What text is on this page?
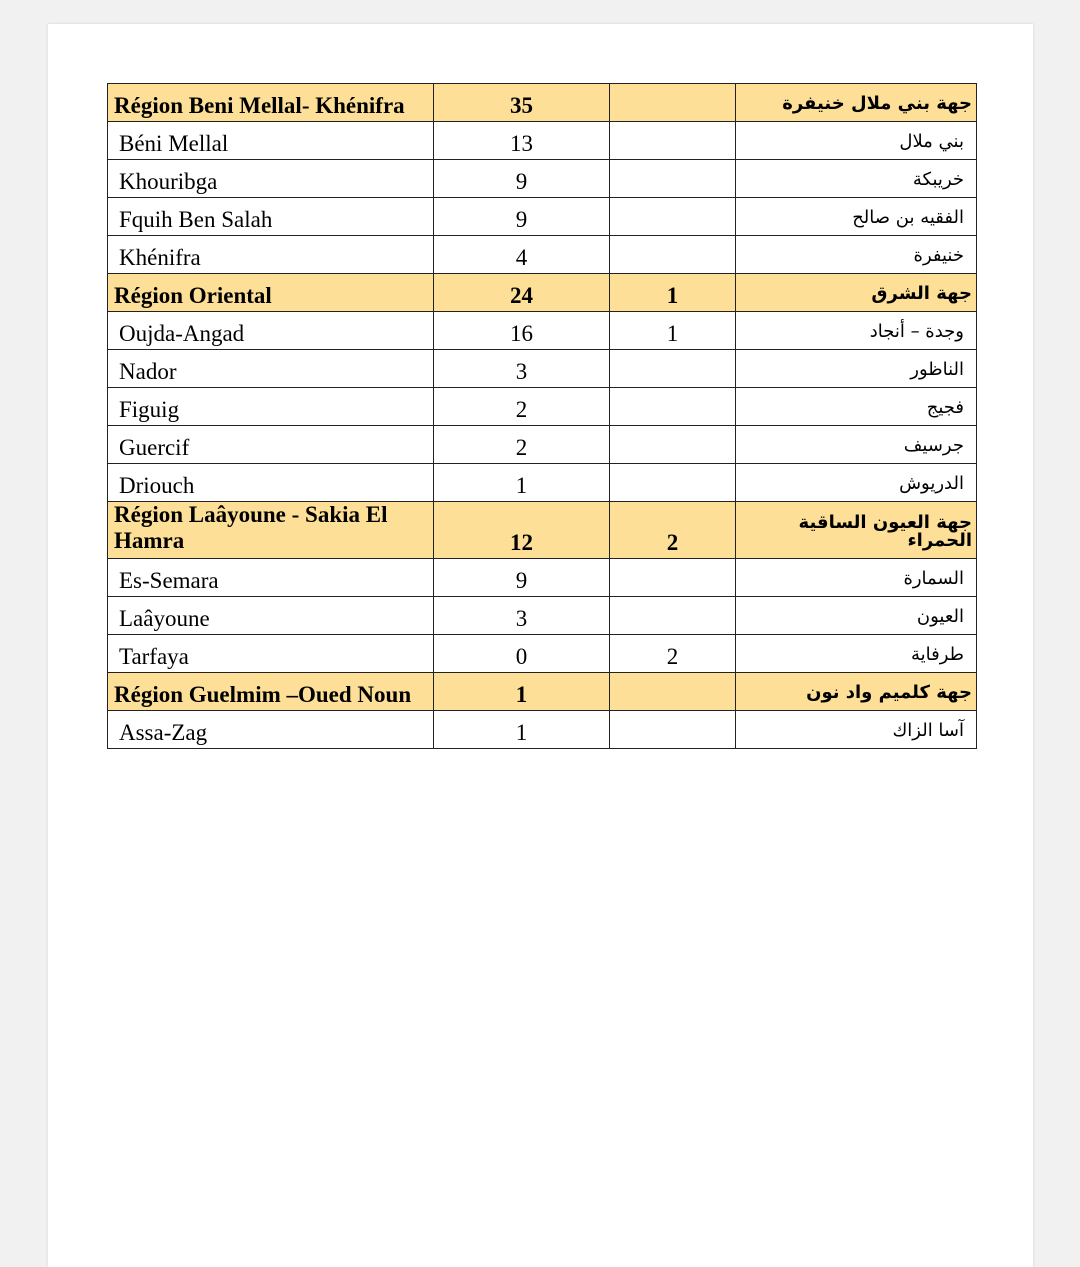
Région Beni Mellal- Khénifra	35		جهة بني ملال خنيفرة
Béni Mellal	13		بني ملال
Khouribga	9		خريبكة
Fquih Ben Salah	9		الفقيه بن صالح
Khénifra	4		خنيفرة
Région Oriental	24	1	جهة الشرق
Oujda-Angad	16	1	وجدة – أنجاد
Nador	3		الناظور
Figuig	2		فجيج
Guercif	2		جرسيف
Driouch	1		الدريوش
Région Laâyoune - Sakia El Hamra	12	2	جهة العيون الساقية الحمراء
Es-Semara	9		السمارة
Laâyoune	3		العيون
Tarfaya	0	2	طرفاية
Région Guelmim –Oued Noun	1		جهة كلميم واد نون
Assa-Zag	1		آسا الزاك
